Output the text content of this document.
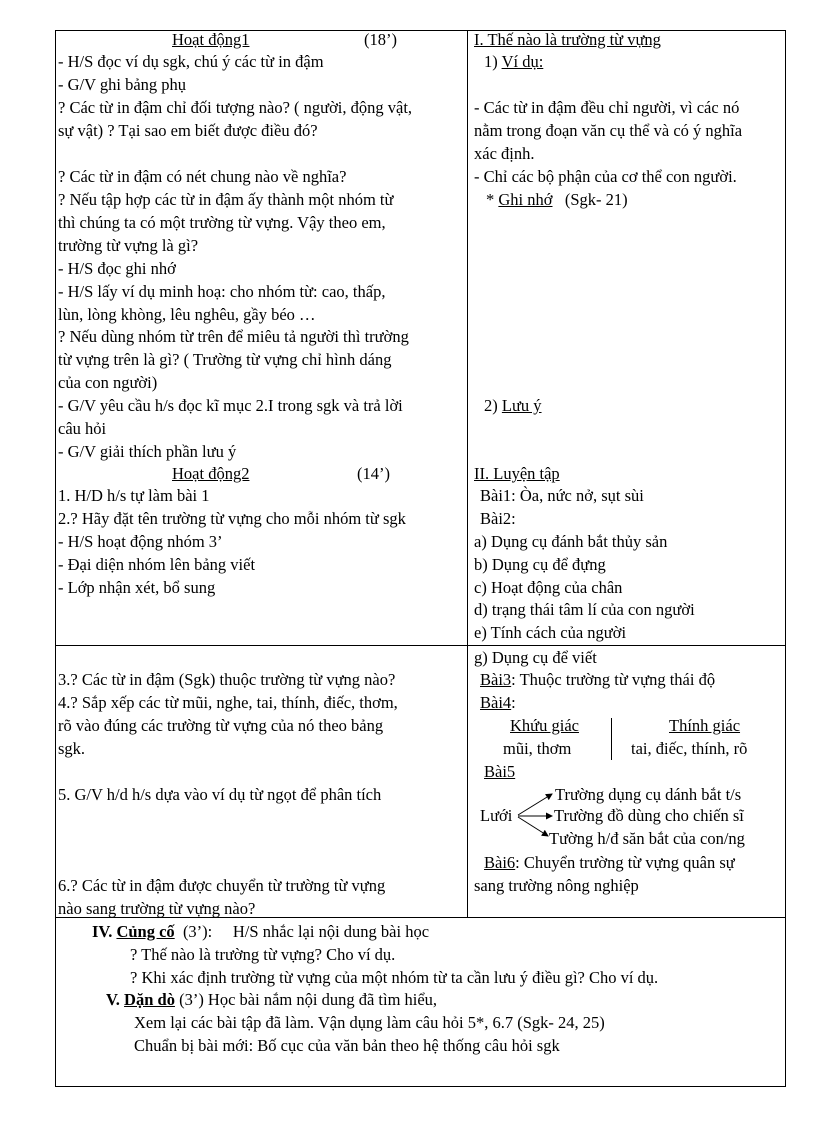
Hoạt động1	(18’)
- H/S đọc ví dụ sgk, chú ý các từ in đậm
- G/V ghi bảng phụ
? Các từ in đậm chỉ đối tượng nào? ( người, động vật,
sự vật) ? Tại sao em biết được điều đó?
? Các từ in đậm có nét chung nào về nghĩa?
? Nếu tập hợp các từ in đậm ấy thành một nhóm từ
thì chúng ta có một trường từ vựng. Vậy theo em,
trường từ vựng là gì?
- H/S đọc ghi nhớ
- H/S lấy ví dụ minh hoạ: cho nhóm từ: cao, thấp,
lùn, lòng khòng, lêu nghêu, gầy béo …
? Nếu dùng nhóm từ trên để miêu tả người thì trường
từ vựng trên là gì? ( Trường từ vựng chỉ hình dáng
của con người)
- G/V yêu cầu h/s đọc kĩ mục 2.I trong sgk và trả lời
câu hỏi
- G/V giải thích phần lưu ý
Hoạt động2	(14’)
1. H/D h/s tự làm bài 1
2.? Hãy đặt tên trường từ vựng cho mỗi nhóm từ sgk
- H/S hoạt động nhóm 3’
- Đại diện nhóm lên bảng viết
- Lớp nhận xét, bổ sung
3.? Các từ in đậm (Sgk) thuộc trường từ vựng nào?
4.? Sắp xếp các từ mũi, nghe, tai, thính, điếc, thơm,
rõ vào đúng các trường từ vựng của nó theo bảng
sgk.
5. G/V h/d h/s dựa vào ví dụ từ ngọt để phân tích
6.? Các từ in đậm được chuyển từ trường từ vựng
nào sang trường từ vựng nào?
I. Thế nào là trường từ vựng
1) Ví dụ:
- Các từ in đậm đều chỉ người, vì các nó
nằm trong đoạn văn cụ thể và có ý nghĩa
xác định.
- Chỉ các bộ phận của cơ thể con người.
* Ghi nhớ (Sgk- 21)
2) Lưu ý
II. Luyện tập
Bài1: Òa, nức nở, sụt sùi
Bài2:
a) Dụng cụ đánh bắt thủy sản
b) Dụng cụ để đựng
c) Hoạt động của chân
d) trạng thái tâm lí của con người
e) Tính cách của người
g) Dụng cụ để viết
Bài3: Thuộc trường từ vựng thái độ
Bài4:
Khứu giác	Thính giác
mũi, thơm	tai, điếc, thính, rõ
Bài5
Lưới
Trường dụng cụ dánh bắt t/s
Trường đồ dùng cho chiến sĩ
Tường h/đ săn bắt của con/ng
Bài6: Chuyển trường từ vựng quân sự
sang trường nông nghiệp
IV. Củng cố (3’): H/S nhắc lại nội dung bài học
? Thế nào là trường từ vựng? Cho ví dụ.
? Khi xác định trường từ vựng của một nhóm từ ta cần lưu ý điều gì? Cho ví dụ.
V. Dặn dò (3’) Học bài nắm nội dung đã tìm hiểu,
Xem lại các bài tập đã làm. Vận dụng làm câu hỏi 5*, 6.7 (Sgk- 24, 25)
Chuẩn bị bài mới: Bố cục của văn bản theo hệ thống câu hỏi sgk
